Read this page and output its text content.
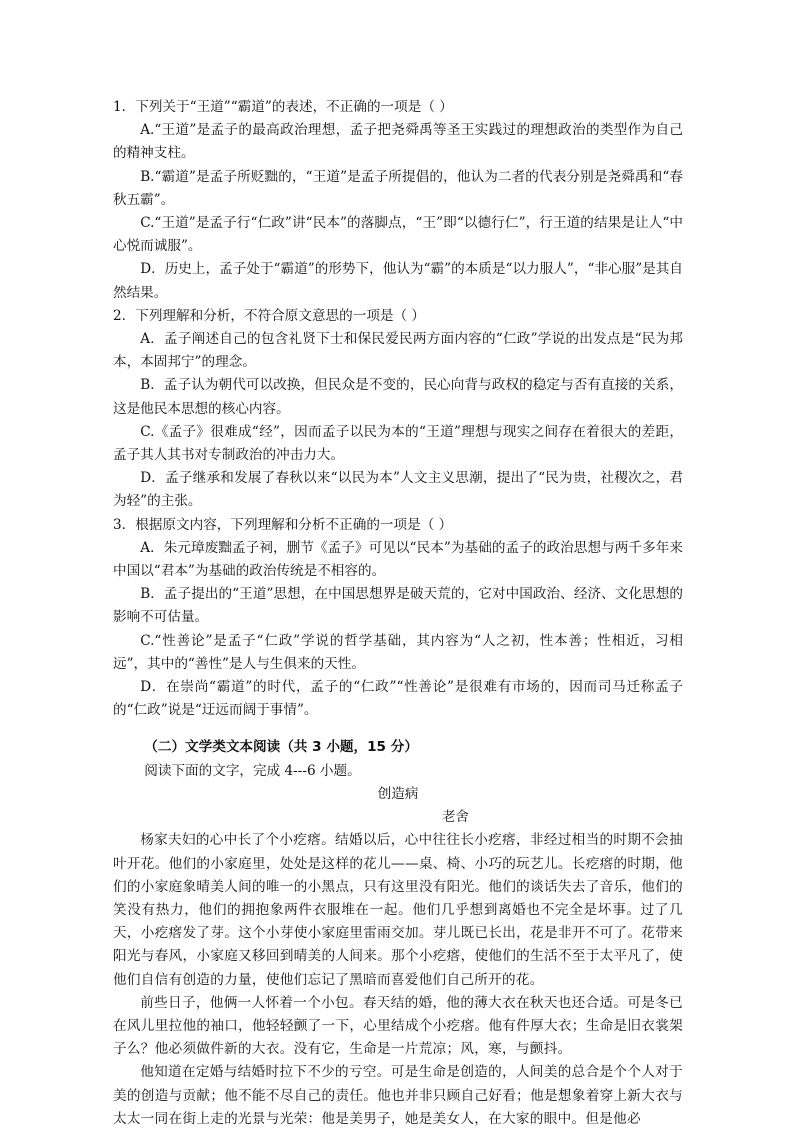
1．下列关于“王道”“霸道”的表述，不正确的一项是（ ）

A.“王道”是孟子的最高政治理想，孟子把尧舜禹等圣王实践过的理想政治的类型作为自己的精神支柱。

B.“霸道”是孟子所贬黜的，“王道”是孟子所提倡的，他认为二者的代表分别是尧舜禹和“春秋五霸”。

C.“王道”是孟子行“仁政”讲“民本”的落脚点，“王”即“以德行仁”，行王道的结果是让人“中心悦而诚服”。

D．历史上，孟子处于“霸道”的形势下，他认为“霸”的本质是“以力服人”，“非心服”是其自然结果。

2．下列理解和分析，不符合原文意思的一项是（ ）

A．孟子阐述自己的包含礼贤下士和保民爱民两方面内容的“仁政”学说的出发点是“民为邦本，本固邦宁”的理念。

B．孟子认为朝代可以改换，但民众是不变的，民心向背与政权的稳定与否有直接的关系，这是他民本思想的核心内容。

C.《孟子》很难成“经”，因而孟子以民为本的“王道”理想与现实之间存在着很大的差距，孟子其人其书对专制政治的冲击力大。

D．孟子继承和发展了春秋以来“以民为本”人文主义思潮，提出了“民为贵，社稷次之，君为轻”的主张。

3．根据原文内容，下列理解和分析不正确的一项是（ ）

A．朱元璋废黜孟子祠，删节《孟子》可见以“民本”为基础的孟子的政治思想与两千多年来中国以“君本”为基础的政治传统是不相容的。

B．孟子提出的“王道”思想，在中国思想界是破天荒的，它对中国政治、经济、文化思想的影响不可估量。

C.“性善论”是孟子“仁政”学说的哲学基础，其内容为“人之初，性本善；性相近，习相远”，其中的“善性”是人与生俱来的天性。

D．在崇尚“霸道”的时代，孟子的“仁政”“性善论”是很难有市场的，因而司马迁称孟子的“仁政”说是“迂远而阔于事情”。

（二）文学类文本阅读（共 3 小题，15 分）

阅读下面的文字，完成 4---6 小题。

创造病

老舍

杨家夫妇的心中长了个小疙瘩。结婚以后，心中往往长小疙瘩，非经过相当的时期不会抽叶开花。他们的小家庭里，处处是这样的花儿——桌、椅、小巧的玩艺儿。长疙瘩的时期，他们的小家庭象晴美人间的唯一的小黑点，只有这里没有阳光。他们的谈话失去了音乐，他们的笑没有热力，他们的拥抱象两件衣服堆在一起。他们几乎想到离婚也不完全是坏事。过了几天，小疙瘩发了芽。这个小芽使小家庭里雷雨交加。芽儿既已长出，花是非开不可了。花带来阳光与春风，小家庭又移回到晴美的人间来。那个小疙瘩，使他们的生活不至于太平凡了，使他们自信有创造的力量，使他们忘记了黑暗而喜爱他们自己所开的花。

前些日子，他俩一人怀着一个小包。春天结的婚，他的薄大衣在秋天也还合适。可是冬已在风儿里拉他的袖口，他轻轻颤了一下，心里结成个小疙瘩。他有件厚大衣；生命是旧衣裳架子么？他必须做件新的大衣。没有它，生命是一片荒凉；风，寒，与颤抖。

他知道在定婚与结婚时拉下不少的亏空。可是生命是创造的，人间美的总合是个个人对于美的创造与贡献；他不能不尽自己的责任。他也并非只顾自己好看；他是想象着穿上新大衣与太太一同在街上走的光景与光荣：他是美男子，她是美女人，在大家的眼中。但是他必
